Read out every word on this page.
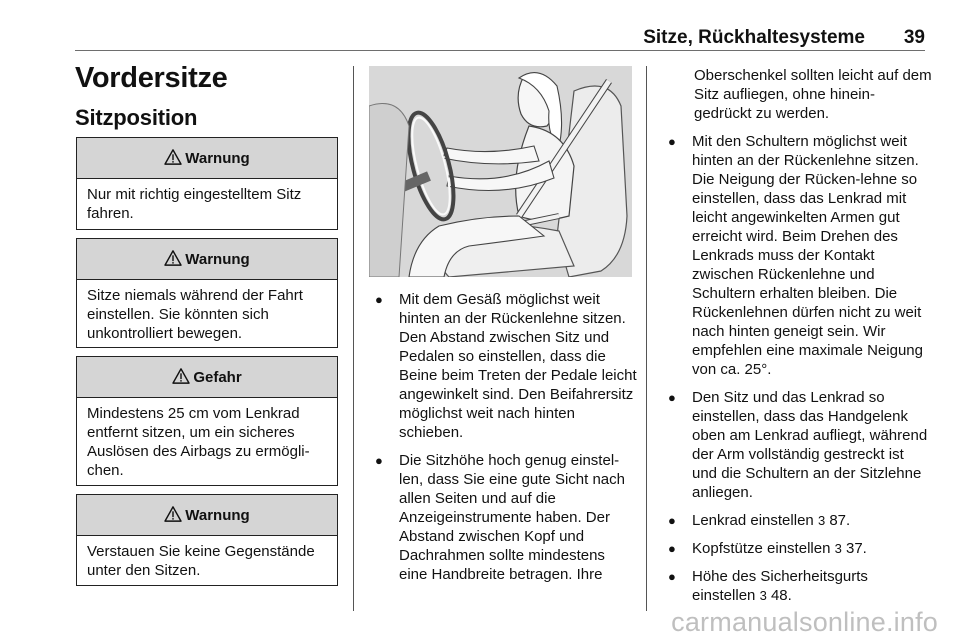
Sitze, Rückhaltesysteme 39
Vordersitze
Sitzposition
Warnung
Nur mit richtig eingestelltem Sitz fahren.
Warnung
Sitze niemals während der Fahrt einstellen. Sie könnten sich unkontrolliert bewegen.
Gefahr
Mindestens 25 cm vom Lenkrad entfernt sitzen, um ein sicheres Auslösen des Airbags zu ermögli-chen.
Warnung
Verstauen Sie keine Gegenstände unter den Sitzen.
● Mit dem Gesäß möglichst weit hinten an der Rückenlehne sitzen. Den Abstand zwischen Sitz und Pedalen so einstellen, dass die Beine beim Treten der Pedale leicht angewinkelt sind. Den Beifahrersitz möglichst weit nach hinten schieben.
● Die Sitzhöhe hoch genug einstel-len, dass Sie eine gute Sicht nach allen Seiten und auf die Anzeigeinstrumente haben. Der Abstand zwischen Kopf und Dachrahmen sollte mindestens eine Handbreite betragen. Ihre
Oberschenkel sollten leicht auf dem Sitz aufliegen, ohne hinein-gedrückt zu werden.
● Mit den Schultern möglichst weit hinten an der Rückenlehne sitzen. Die Neigung der Rücken-lehne so einstellen, dass das Lenkrad mit leicht angewinkelten Armen gut erreicht wird. Beim Drehen des Lenkrads muss der Kontakt zwischen Rückenlehne und Schultern erhalten bleiben. Die Rückenlehnen dürfen nicht zu weit nach hinten geneigt sein. Wir empfehlen eine maximale Neigung von ca. 25°.
● Den Sitz und das Lenkrad so einstellen, dass das Handgelenk oben am Lenkrad aufliegt, während der Arm vollständig gestreckt ist und die Schultern an der Sitzlehne anliegen.
● Lenkrad einstellen 3 87.
● Kopfstütze einstellen 3 37.
● Höhe des Sicherheitsgurts einstellen 3 48.
carmanualsonline.info
